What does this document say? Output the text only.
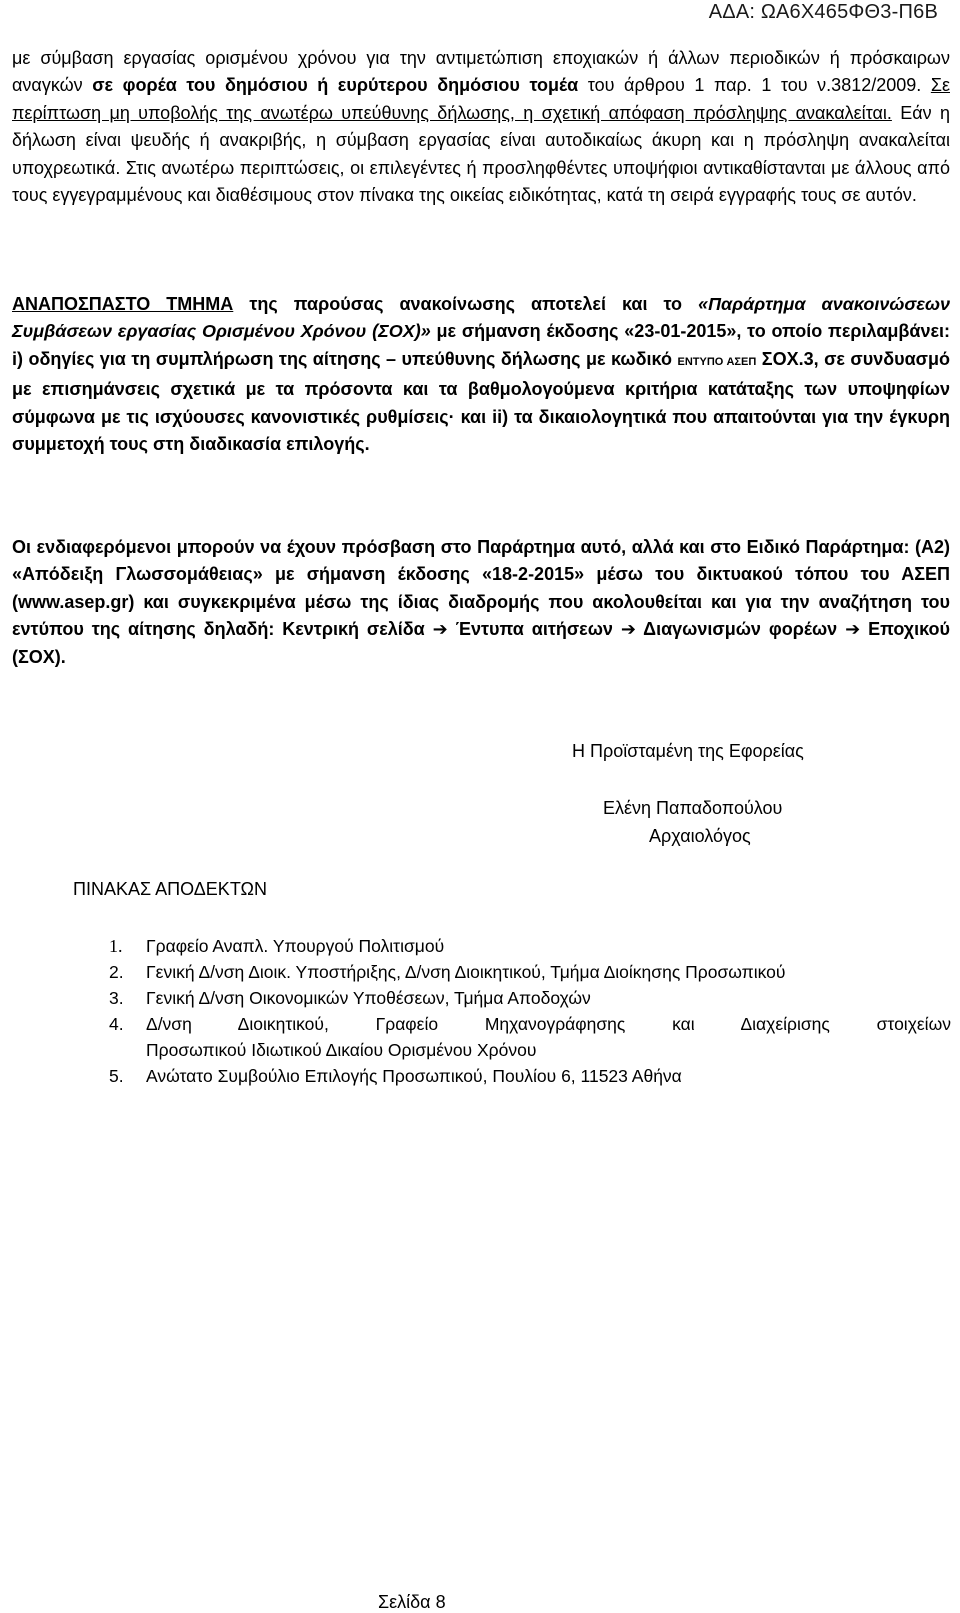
ΑΔΑ: ΩΑ6Χ465ΦΘ3-Π6Β
με σύμβαση εργασίας ορισμένου χρόνου για την αντιμετώπιση εποχιακών ή άλλων περιοδικών ή πρόσκαιρων αναγκών σε φορέα του δημόσιου ή ευρύτερου δημόσιου τομέα του άρθρου 1 παρ. 1 του ν.3812/2009. Σε περίπτωση μη υποβολής της ανωτέρω υπεύθυνης δήλωσης, η σχετική απόφαση πρόσληψης ανακαλείται. Εάν η δήλωση είναι ψευδής ή ανακριβής, η σύμβαση εργασίας είναι αυτοδικαίως άκυρη και η πρόσληψη ανακαλείται υποχρεωτικά. Στις ανωτέρω περιπτώσεις, οι επιλεγέντες ή προσληφθέντες υποψήφιοι αντικαθίστανται με άλλους από τους εγγεγραμμένους και διαθέσιμους στον πίνακα της οικείας ειδικότητας, κατά τη σειρά εγγραφής τους σε αυτόν.
ΑΝΑΠΟΣΠΑΣΤΟ ΤΜΗΜΑ της παρούσας ανακοίνωσης αποτελεί και το «Παράρτημα ανακοινώσεων Συμβάσεων εργασίας Ορισμένου Χρόνου (ΣΟΧ)» με σήμανση έκδοσης «23-01-2015», το οποίο περιλαμβάνει: i) οδηγίες για τη συμπλήρωση της αίτησης – υπεύθυνης δήλωσης με κωδικό ΕΝΤΥΠΟ ΑΣΕΠ ΣΟΧ.3, σε συνδυασμό με επισημάνσεις σχετικά με τα πρόσοντα και τα βαθμολογούμενα κριτήρια κατάταξης των υποψηφίων σύμφωνα με τις ισχύουσες κανονιστικές ρυθμίσεις· και ii) τα δικαιολογητικά που απαιτούνται για την έγκυρη συμμετοχή τους στη διαδικασία επιλογής.
Οι ενδιαφερόμενοι μπορούν να έχουν πρόσβαση στο Παράρτημα αυτό, αλλά και στο Ειδικό Παράρτημα: (Α2) «Απόδειξη Γλωσσομάθειας» με σήμανση έκδοσης «18-2-2015» μέσω του δικτυακού τόπου του ΑΣΕΠ (www.asep.gr) και συγκεκριμένα μέσω της ίδιας διαδρομής που ακολουθείται και για την αναζήτηση του εντύπου της αίτησης δηλαδή: Κεντρική σελίδα ➔ Έντυπα αιτήσεων ➔ Διαγωνισμών φορέων ➔ Εποχικού (ΣΟΧ).
Η Προϊσταμένη της Εφορείας
Ελένη Παπαδοπούλου
Αρχαιολόγος
ΠΙΝΑΚΑΣ ΑΠΟΔΕΚΤΩΝ
1. Γραφείο Αναπλ. Υπουργού Πολιτισμού
2. Γενική Δ/νση Διοικ. Υποστήριξης, Δ/νση Διοικητικού, Τμήμα Διοίκησης Προσωπικού
3. Γενική Δ/νση Οικονομικών Υποθέσεων, Τμήμα Αποδοχών
4. Δ/νση Διοικητικού, Γραφείο Μηχανογράφησης και Διαχείρισης στοιχείων
Προσωπικού Ιδιωτικού Δικαίου Ορισμένου Χρόνου
5. Ανώτατο Συμβούλιο Επιλογής Προσωπικού, Πουλίου 6, 11523 Αθήνα
Σελίδα 8
